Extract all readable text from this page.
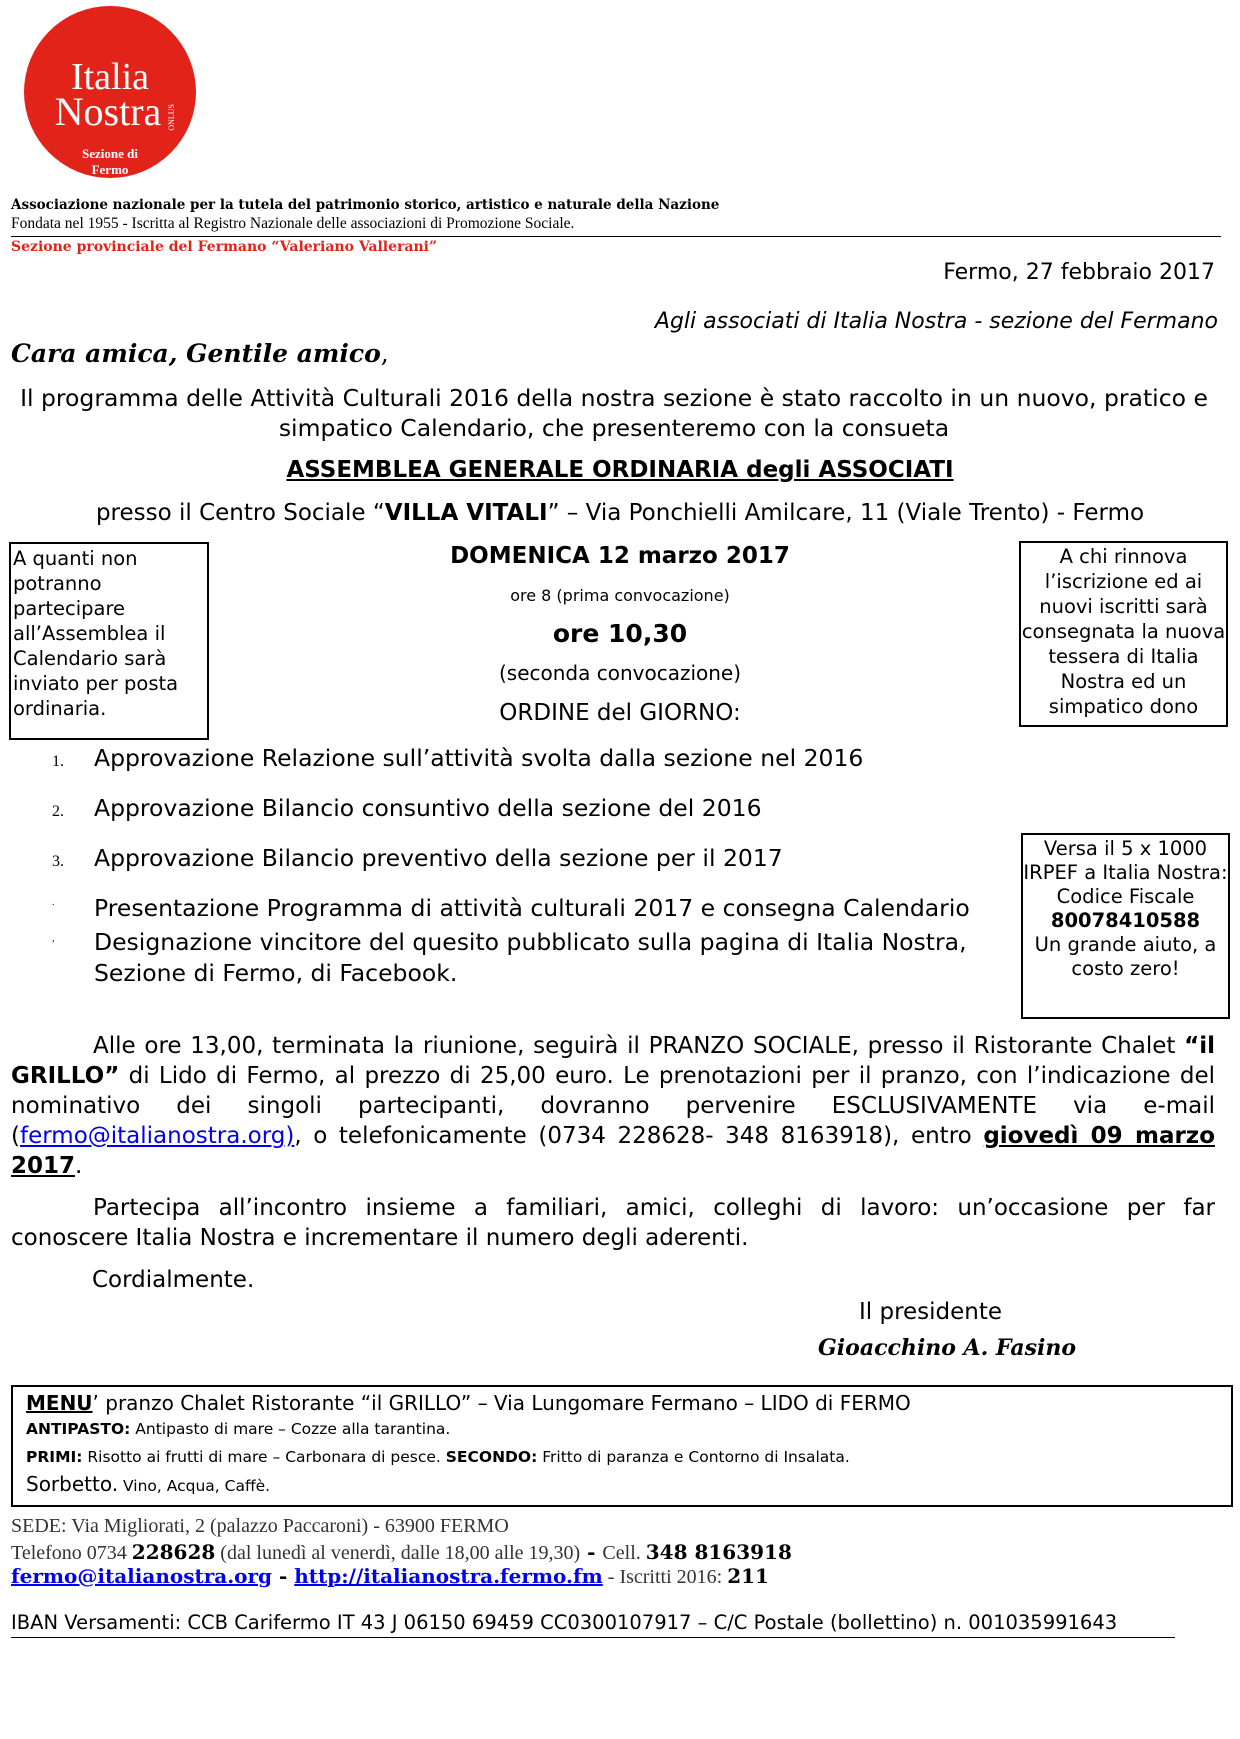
Italia
Nostra ONLUS
Sezione di
Fermo
Associazione nazionale per la tutela del patrimonio storico, artistico e naturale della Nazione
Fondata nel 1955 - Iscritta al Registro Nazionale delle associazioni di Promozione Sociale.
Sezione provinciale del Fermano “Valeriano Vallerani”
Fermo, 27 febbraio 2017
Agli associati di Italia Nostra - sezione del Fermano
Cara amica, Gentile amico,
Il programma delle Attività Culturali 2016 della nostra sezione è stato raccolto in un nuovo, pratico e simpatico Calendario, che presenteremo con la consueta
ASSEMBLEA GENERALE ORDINARIA degli ASSOCIATI
presso il Centro Sociale “VILLA VITALI” – Via Ponchielli Amilcare, 11 (Viale Trento) - Fermo
A quanti non potranno partecipare all’Assemblea il Calendario sarà inviato per posta ordinaria.
A chi rinnova l’iscrizione ed ai nuovi iscritti sarà consegnata la nuova tessera di Italia Nostra ed un simpatico dono
DOMENICA 12 marzo 2017
ore 8 (prima convocazione)
ore 10,30
(seconda convocazione)
ORDINE del GIORNO:
1. Approvazione Relazione sull’attività svolta dalla sezione nel 2016
2. Approvazione Bilancio consuntivo della sezione del 2016
3. Approvazione Bilancio preventivo della sezione per il 2017
. Presentazione Programma di attività culturali 2017 e consegna Calendario
, Designazione vincitore del quesito pubblicato sulla pagina di Italia Nostra,
Sezione di Fermo, di Facebook.
Versa il 5 x 1000 IRPEF a Italia Nostra: Codice Fiscale
80078410588
Un grande aiuto, a costo zero!
Alle ore 13,00, terminata la riunione, seguirà il PRANZO SOCIALE, presso il Ristorante Chalet “il GRILLO” di Lido di Fermo, al prezzo di 25,00 euro. Le prenotazioni per il pranzo, con l’indicazione del nominativo dei singoli partecipanti, dovranno pervenire ESCLUSIVAMENTE via e-mail (fermo@italianostra.org), o telefonicamente (0734 228628- 348 8163918), entro giovedì 09 marzo 2017.
Partecipa all’incontro insieme a familiari, amici, colleghi di lavoro: un’occasione per far conoscere Italia Nostra e incrementare il numero degli aderenti.
Cordialmente.
Il presidente
Gioacchino A. Fasino
MENU’ pranzo Chalet Ristorante “il GRILLO” – Via Lungomare Fermano – LIDO di FERMO
ANTIPASTO: Antipasto di mare – Cozze alla tarantina.
PRIMI: Risotto ai frutti di mare – Carbonara di pesce. SECONDO: Fritto di paranza e Contorno di Insalata.
Sorbetto. Vino, Acqua, Caffè.
SEDE: Via Migliorati, 2 (palazzo Paccaroni) - 63900 FERMO
Telefono 0734 228628 (dal lunedì al venerdì, dalle 18,00 alle 19,30) - Cell. 348 8163918
fermo@italianostra.org - http://italianostra.fermo.fm - Iscritti 2016: 211
IBAN Versamenti: CCB Carifermo IT 43 J 06150 69459 CC0300107917 – C/C Postale (bollettino) n. 001035991643
